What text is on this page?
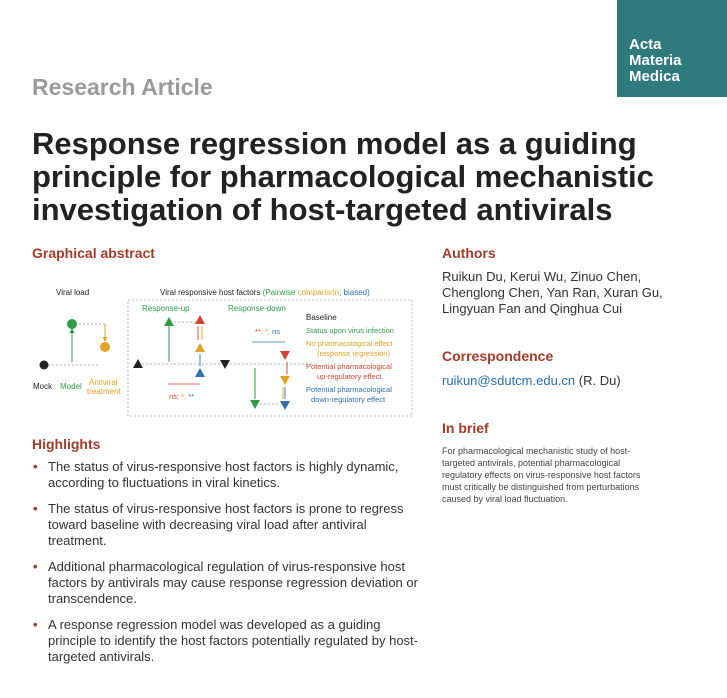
Acta
Materia
Medica
Research Article
Response regression model as a guiding principle for pharmacological mechanistic investigation of host-targeted antivirals
Graphical abstract
Viral load
Mock Model Antiviral
treatment
Viral responsive host factors (Pairwise comparison; biased)
Response-up	Response-down
ns; *; **
**; *; ns
Baseline
Status upon virus infection
No pharmacological effect
(response regression)
Potential pharmacological
up-regulatory effect
Potential pharmacological
down-regulatory effect
Highlights
• The status of virus-responsive host factors is highly dynamic, according to fluctuations in viral kinetics.
• The status of virus-responsive host factors is prone to regress toward baseline with decreasing viral load after antiviral treatment.
• Additional pharmacological regulation of virus-responsive host factors by antivirals may cause response regression deviation or transcendence.
• A response regression model was developed as a guiding principle to identify the host factors potentially regulated by host-targeted antivirals.
Authors
Ruikun Du, Kerui Wu, Zinuo Chen,
Chenglong Chen, Yan Ran, Xuran Gu,
Lingyuan Fan and Qinghua Cui
Correspondence
ruikun@sdutcm.edu.cn (R. Du)
In brief
For pharmacological mechanistic study of host-
targeted antivirals, potential pharmacological
regulatory effects on virus-responsive host factors
must critically be distinguished from perturbations
caused by viral load fluctuation.
